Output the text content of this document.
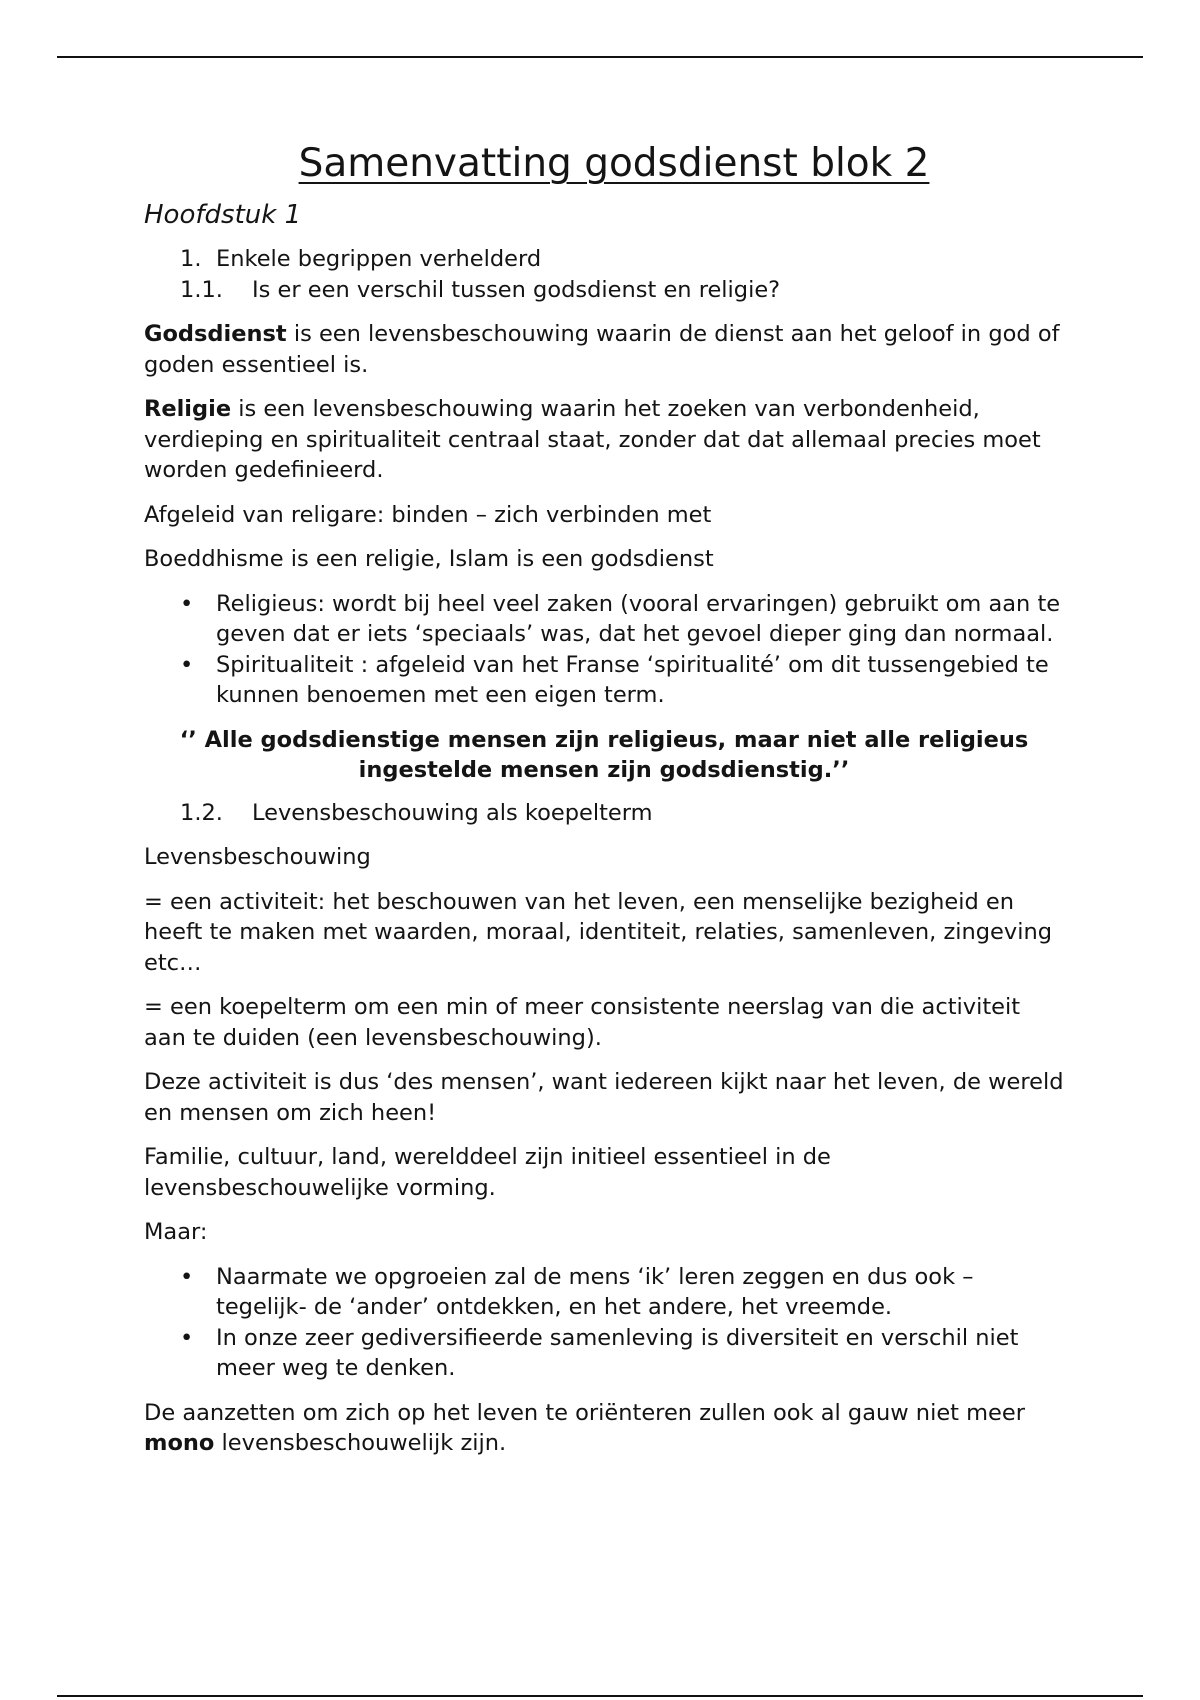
Samenvatting godsdienst blok 2
Hoofdstuk 1
1. Enkele begrippen verhelderd
1.1.	Is er een verschil tussen godsdienst en religie?

Godsdienst is een levensbeschouwing waarin de dienst aan het geloof in god of goden essentieel is.

Religie is een levensbeschouwing waarin het zoeken van verbondenheid, verdieping en spiritualiteit centraal staat, zonder dat dat allemaal precies moet worden gedefinieerd.

Afgeleid van religare: binden – zich verbinden met

Boeddhisme is een religie, Islam is een godsdienst

• Religieus: wordt bij heel veel zaken (vooral ervaringen) gebruikt om aan te geven dat er iets ‘speciaals’ was, dat het gevoel dieper ging dan normaal.
• Spiritualiteit : afgeleid van het Franse ‘spiritualité’ om dit tussengebied te kunnen benoemen met een eigen term.

‘’ Alle godsdienstige mensen zijn religieus, maar niet alle religieus ingestelde mensen zijn godsdienstig.’’

1.2.	Levensbeschouwing als koepelterm

Levensbeschouwing

= een activiteit: het beschouwen van het leven, een menselijke bezigheid en heeft te maken met waarden, moraal, identiteit, relaties, samenleven, zingeving etc…

= een koepelterm om een min of meer consistente neerslag van die activiteit aan te duiden (een levensbeschouwing).

Deze activiteit is dus ‘des mensen’, want iedereen kijkt naar het leven, de wereld en mensen om zich heen!

Familie, cultuur, land, werelddeel zijn initieel essentieel in de levensbeschouwelijke vorming.

Maar:

• Naarmate we opgroeien zal de mens ‘ik’ leren zeggen en dus ook –tegelijk- de ‘ander’ ontdekken, en het andere, het vreemde.
• In onze zeer gediversifieerde samenleving is diversiteit en verschil niet meer weg te denken.

De aanzetten om zich op het leven te oriënteren zullen ook al gauw niet meer mono levensbeschouwelijk zijn.
